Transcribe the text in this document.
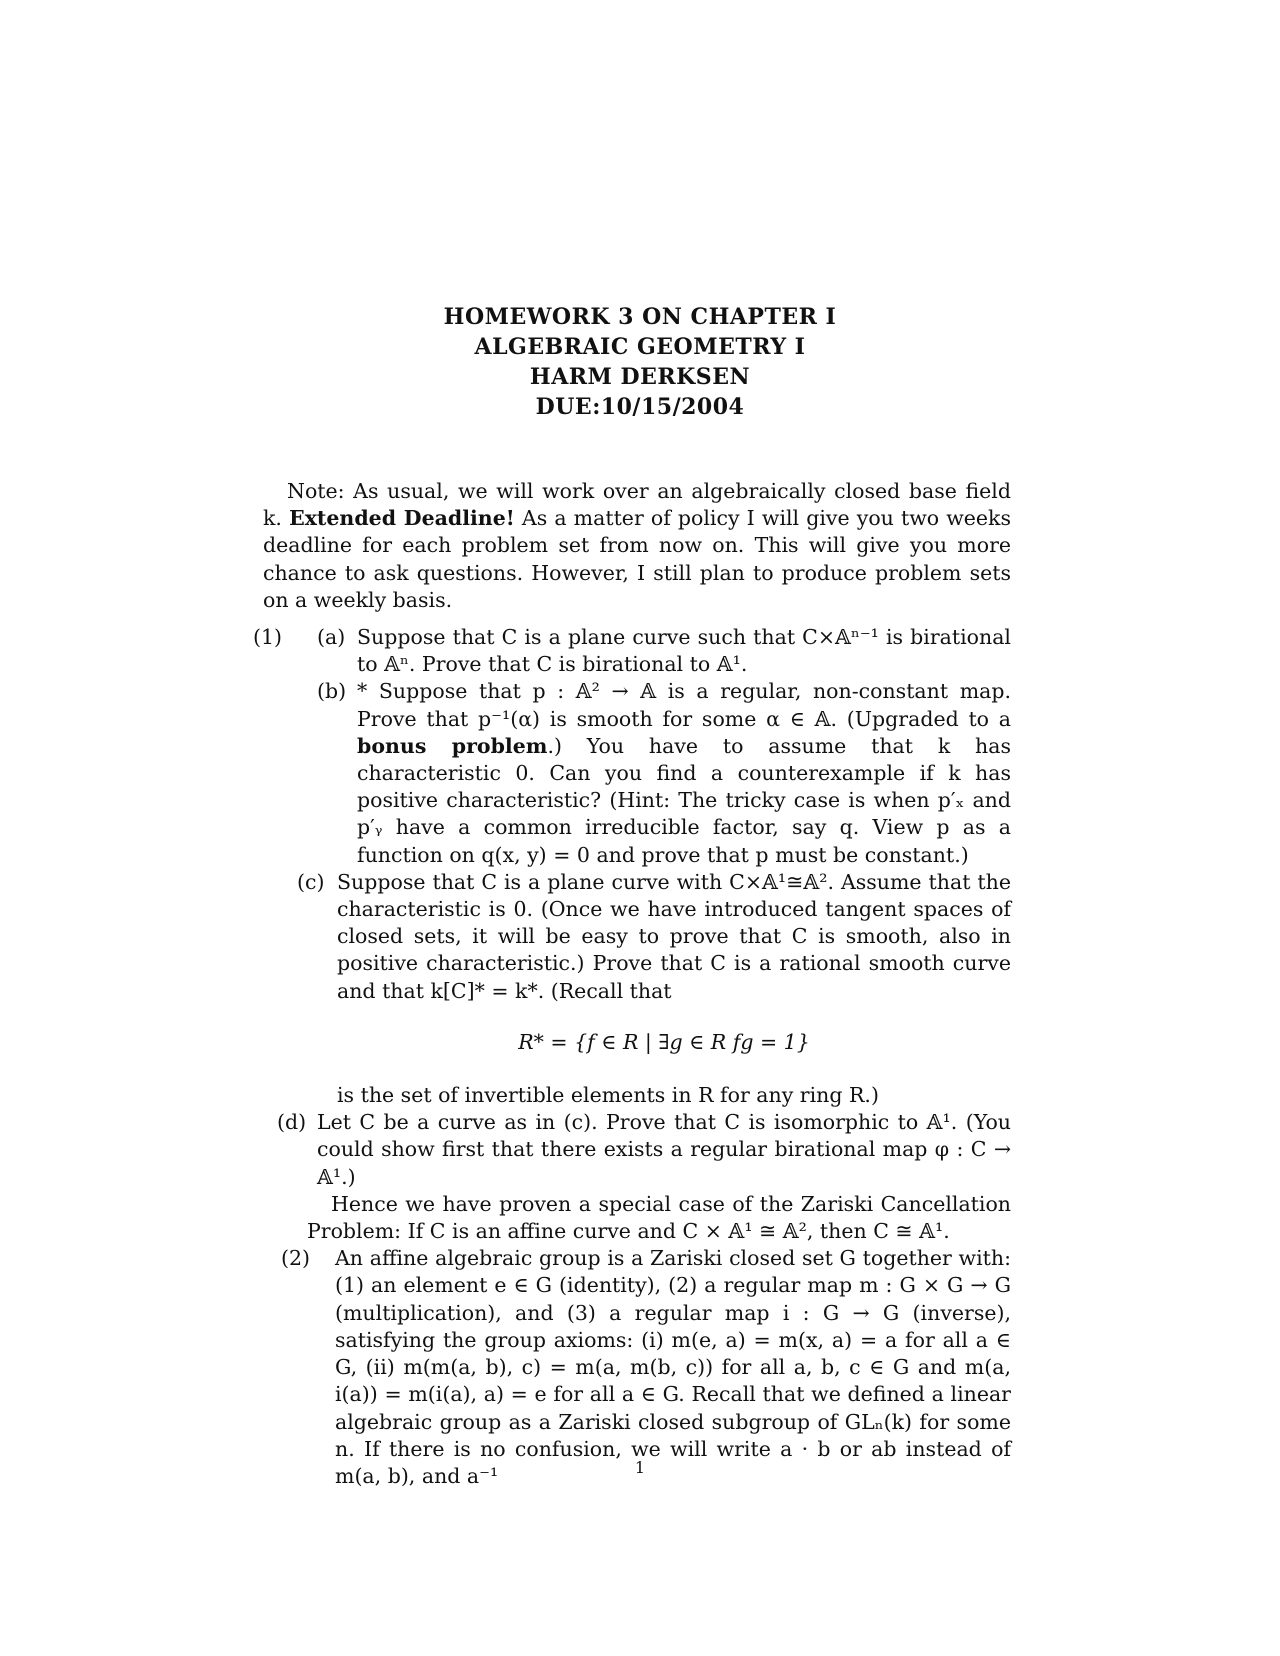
HOMEWORK 3 ON CHAPTER I
ALGEBRAIC GEOMETRY I
HARM DERKSEN
DUE:10/15/2004

Note: As usual, we will work over an algebraically closed base field k. Extended Deadline! As a matter of policy I will give you two weeks deadline for each problem set from now on. This will give you more chance to ask questions. However, I still plan to produce problem sets on a weekly basis.

(1) (a) Suppose that C is a plane curve such that C×𝔸ⁿ⁻¹ is birational to 𝔸ⁿ. Prove that C is birational to 𝔸¹.
(b) * Suppose that p : 𝔸² → 𝔸 is a regular, non-constant map. Prove that p⁻¹(α) is smooth for some α ∈ 𝔸. (Upgraded to a bonus problem.) You have to assume that k has characteristic 0. Can you find a counterexample if k has positive characteristic? (Hint: The tricky case is when p′ₓ and p′ᵧ have a common irreducible factor, say q. View p as a function on q(x, y) = 0 and prove that p must be constant.)
(c) Suppose that C is a plane curve with C×𝔸¹≅𝔸². Assume that the characteristic is 0. (Once we have introduced tangent spaces of closed sets, it will be easy to prove that C is smooth, also in positive characteristic.) Prove that C is a rational smooth curve and that k[C]* = k*. (Recall that
R* = {f ∈ R | ∃g ∈ R fg = 1}
is the set of invertible elements in R for any ring R.)
(d) Let C be a curve as in (c). Prove that C is isomorphic to 𝔸¹. (You could show first that there exists a regular birational map φ : C → 𝔸¹.)

Hence we have proven a special case of the Zariski Cancellation Problem: If C is an affine curve and C × 𝔸¹ ≅ 𝔸², then C ≅ 𝔸¹.

(2) An affine algebraic group is a Zariski closed set G together with: (1) an element e ∈ G (identity), (2) a regular map m : G × G → G (multiplication), and (3) a regular map i : G → G (inverse), satisfying the group axioms: (i) m(e, a) = m(x, a) = a for all a ∈ G, (ii) m(m(a, b), c) = m(a, m(b, c)) for all a, b, c ∈ G and m(a, i(a)) = m(i(a), a) = e for all a ∈ G. Recall that we defined a linear algebraic group as a Zariski closed subgroup of GLₙ(k) for some n. If there is no confusion, we will write a · b or ab instead of m(a, b), and a⁻¹	1
